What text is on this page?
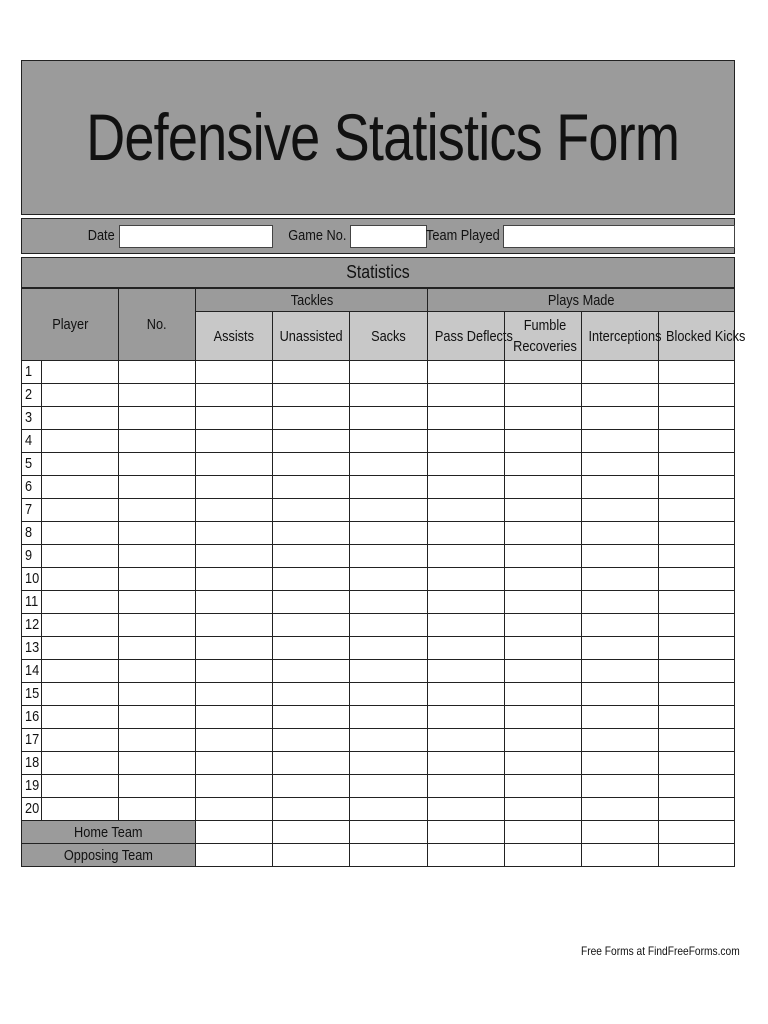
Defensive Statistics Form
Date	Game No.	Team Played
Statistics
Player	No.	Tackles			Plays Made			
		Assists	Unassisted	Sacks	Pass Deflects	Fumble Recoveries	Interceptions	Blocked Kicks
1								
2								
3								
4								
5								
6								
7								
8								
9								
10								
11								
12								
13								
14								
15								
16								
17								
18								
19								
20								
Home Team								
Opposing Team								
Free Forms at FindFreeForms.com
